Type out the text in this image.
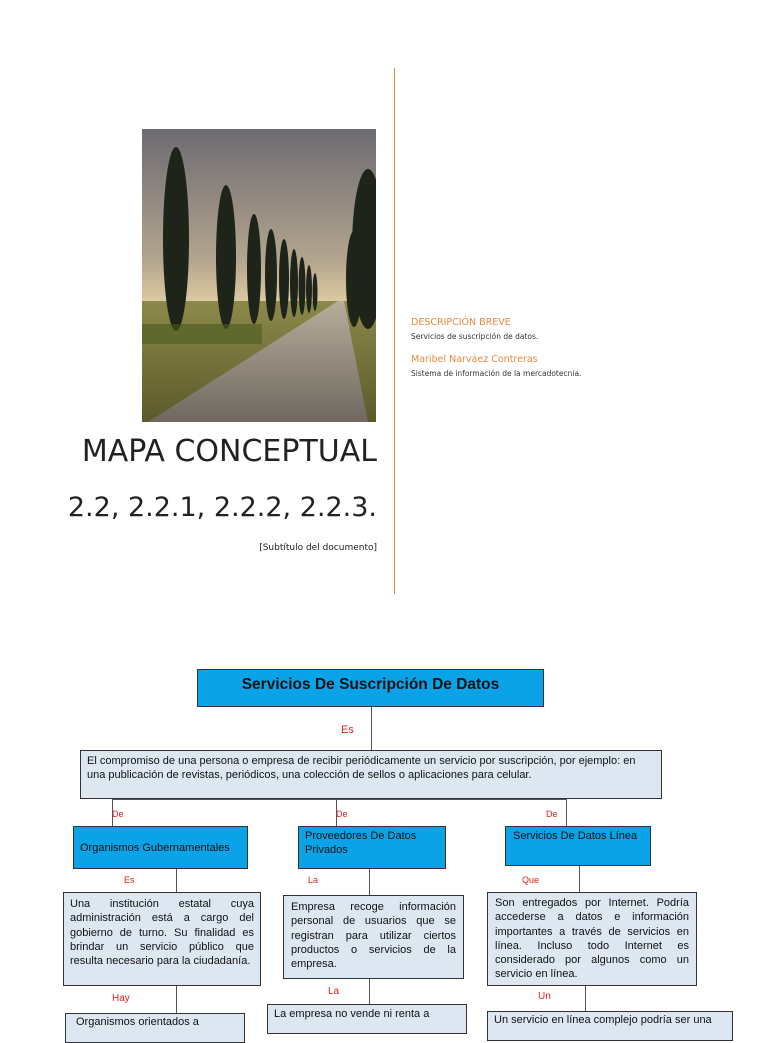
MAPA CONCEPTUAL
2.2, 2.2.1, 2.2.2, 2.2.3.
[Subtítulo del documento]
DESCRIPCIÓN BREVE
Servicios de suscripción de datos.
Maribel Narváez Contreras
Sistema de información de la mercadotecnia.
Servicios De Suscripción De Datos
Es
El compromiso de una persona o empresa de recibir periódicamente un servicio por suscripción, por ejemplo: en una publicación de revistas, periódicos, una colección de sellos o aplicaciones para celular.
De	De	De
Organismos Gubernamentales
Es
Una institución estatal cuya administración está a cargo del gobierno de turno. Su finalidad es brindar un servicio público que resulta necesario para la ciudadanía.
Hay
Organismos orientados a
Proveedores De Datos Privados
La
Empresa recoge información personal de usuarios que se registran para utilizar ciertos productos o servicios de la empresa.
La
La empresa no vende ni renta a
Servicios De Datos Línea
Que
Son entregados por Internet. Podría accederse a datos e información importantes a través de servicios en línea. Incluso todo Internet es considerado por algunos como un servicio en línea.
Un
Un servicio en línea complejo podría ser una
